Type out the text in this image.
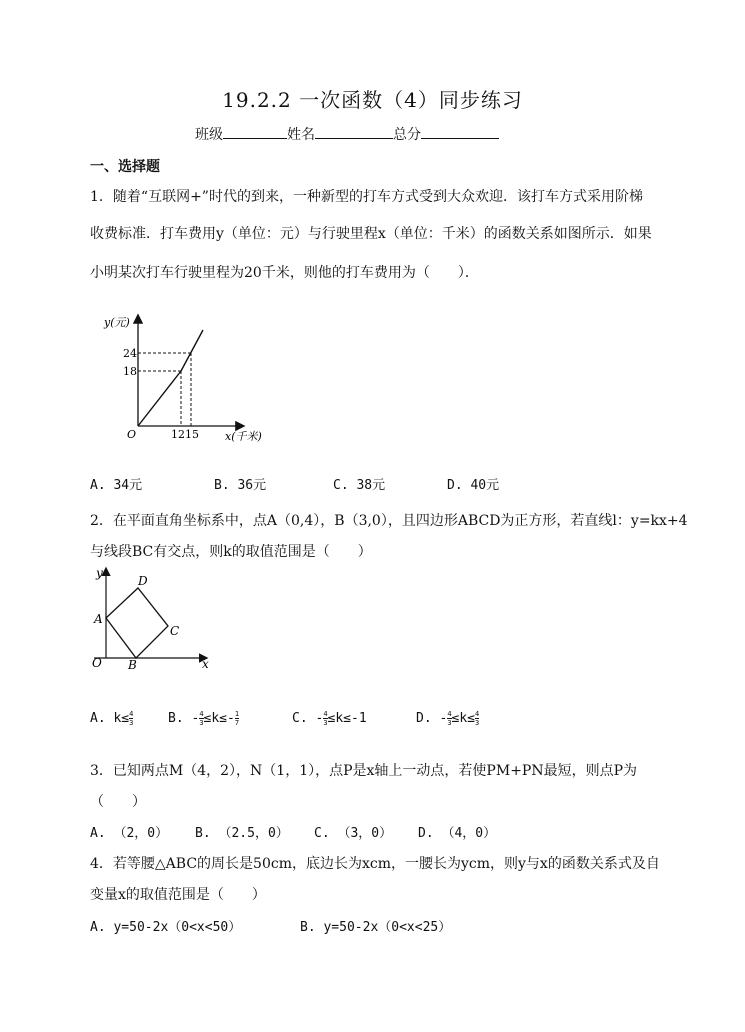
19.2.2 一次函数（4）同步练习
班级	姓名	总分
一、选择题
1．随着“互联网+”时代的到来，一种新型的打车方式受到大众欢迎．该打车方式采用阶梯
收费标准．打车费用y（单位：元）与行驶里程x（单位：千米）的函数关系如图所示．如果
小明某次打车行驶里程为20千米，则他的打车费用为（　　）．
y(元)
24
18
O	1215 x(千米)
A. 34元	B. 36元	C. 38元	D. 40元
2．在平面直角坐标系中，点A（0,4），B（3,0），且四边形ABCD为正方形，若直线l：y=kx+4
与线段BC有交点，则k的取值范围是（　　）
y
x
O
A
B
C
D
A. $k\le \frac{4}{3}$	B. - $\frac{4}{3} \le k\le- \frac{1}{7}$	C. - $\frac{4}{3} \le k\le-1$	D. - $\frac{4}{3} \le k\le \frac{4}{3}$
3．已知两点M（4，2），N（1，1），点P是x轴上一动点，若使PM+PN最短，则点P为
（　　）
A. （2，0） B. （2.5，0） C. （3，0） D. （4，0）
4．若等腰△ABC的周长是50cm，底边长为xcm，一腰长为ycm，则y与x的函数关系式及自
变量x的取值范围是（　　）
A. y=50-2x（0<x<50）	B. y=50-2x（0<x<25）
